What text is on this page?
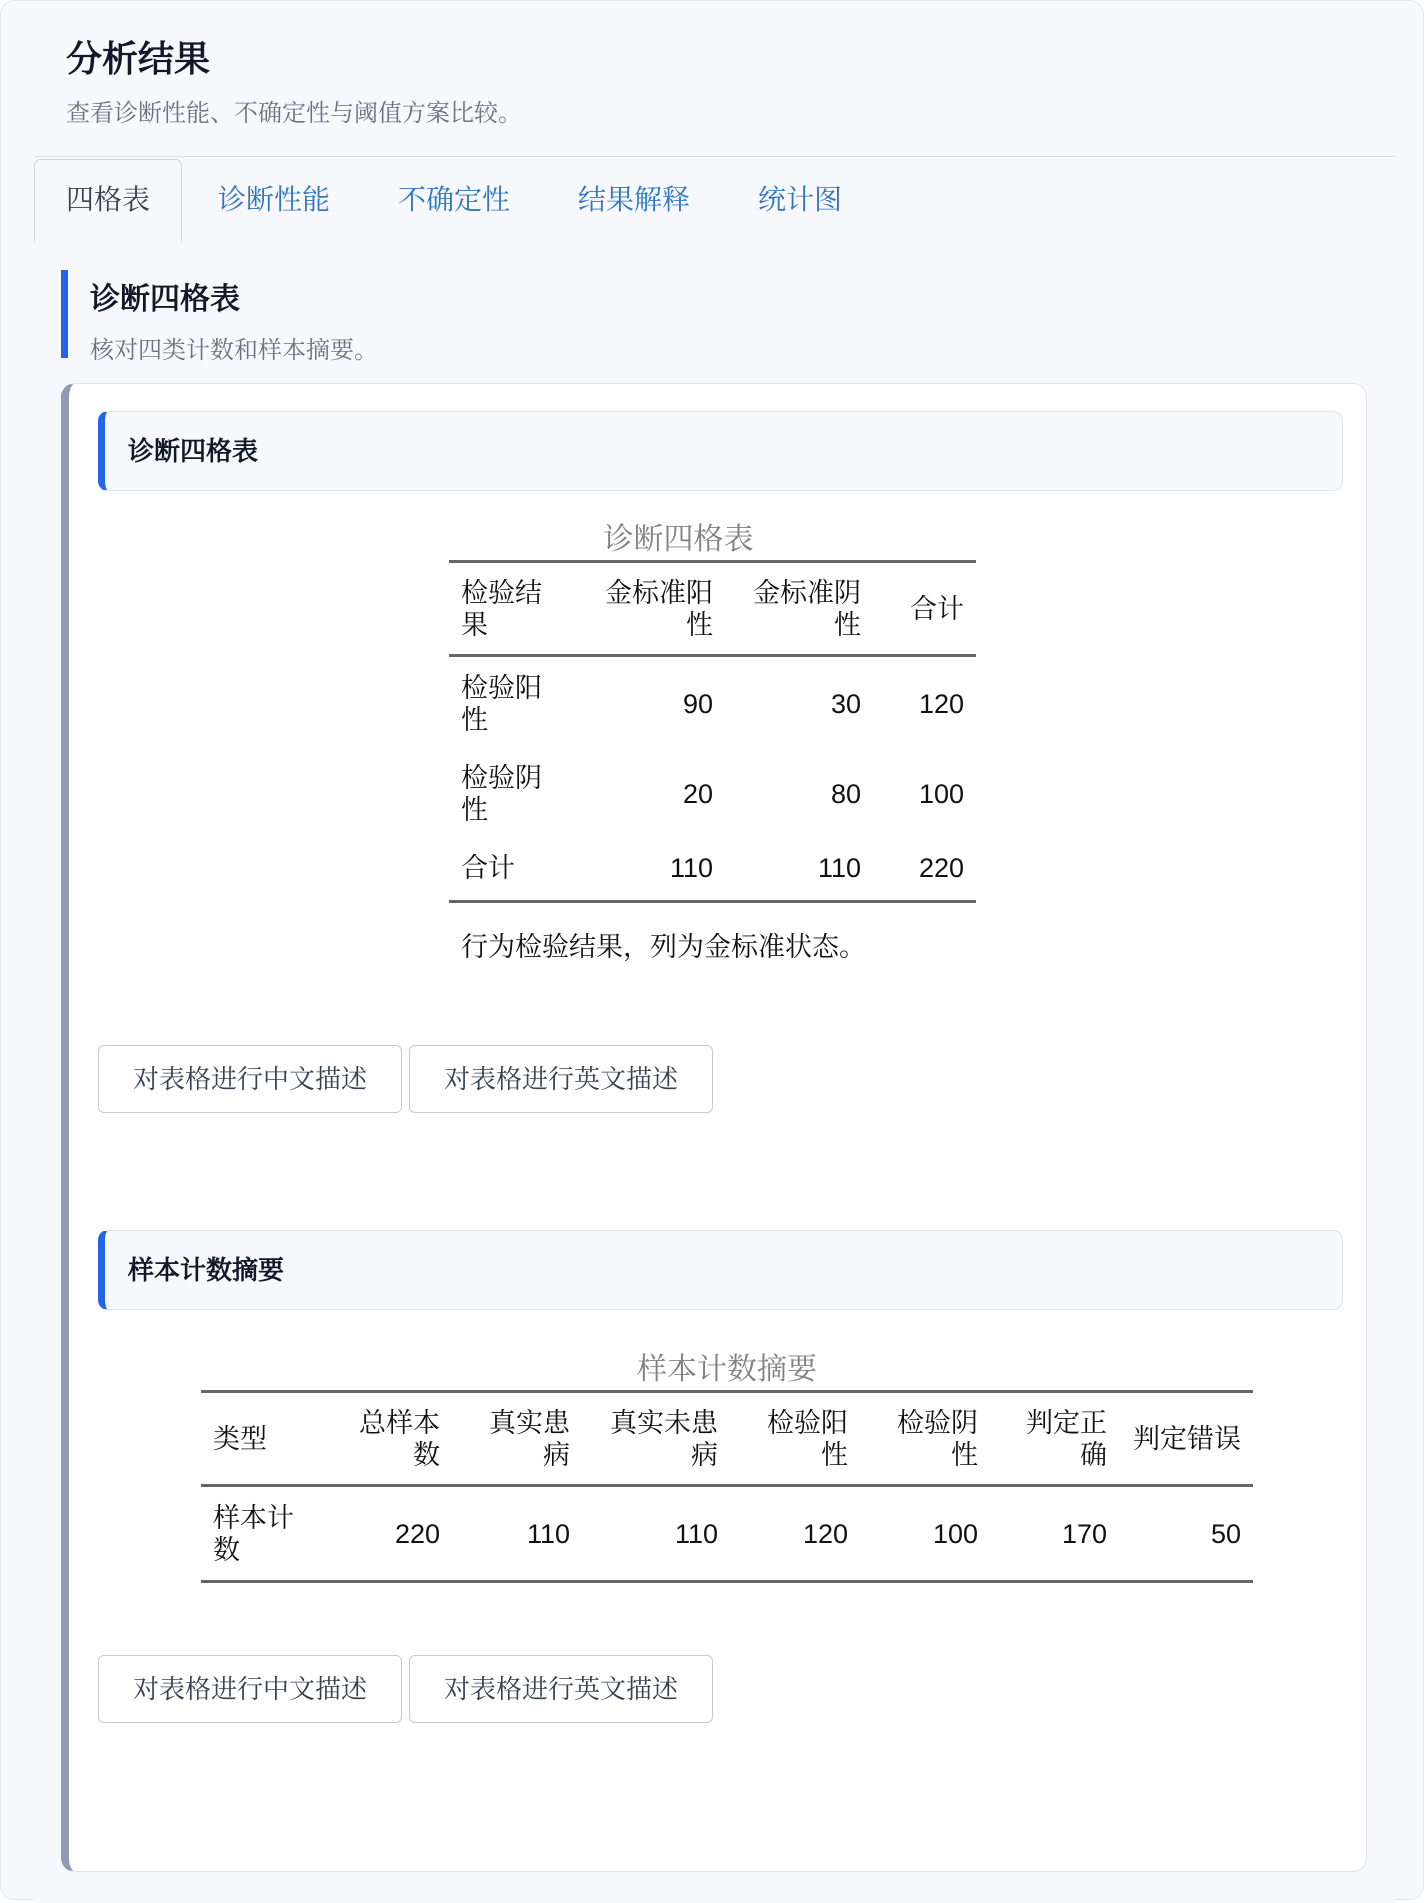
分析结果

查看诊断性能、不确定性与阈值方案比较。

四格表	诊断性能 不确定性 结果解释 统计图
诊断四格表

核对四类计数和样本摘要。

诊断四格表
诊断四格表
检验结果	金标准阳性	金标准阴性	合计
检验阳性	90	30	120
检验阴性	20	80	100
合计	110	110	220
行为检验结果，列为金标准状态。
对表格进行中文描述	对表格进行英文描述
样本计数摘要
样本计数摘要
类型	总样本数	真实患病	真实未患病	检验阳性	检验阴性	判定正确	判定错误
样本计数	220	110	110	120	100	170	50
对表格进行中文描述	对表格进行英文描述
